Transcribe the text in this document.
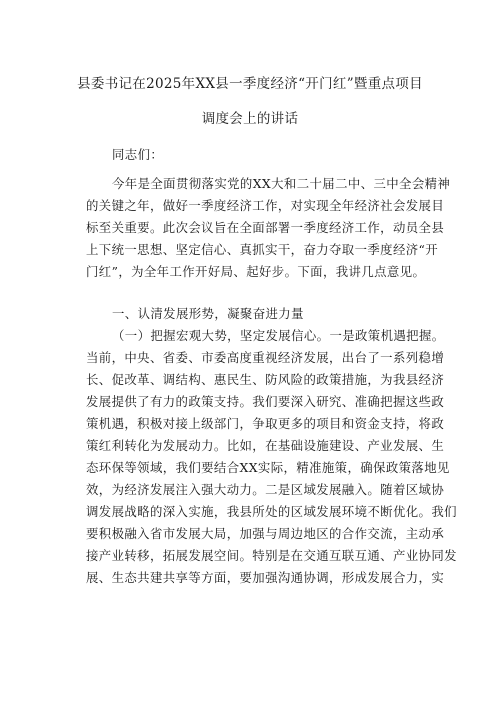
县委书记在2025年XX县一季度经济“开门红”暨重点项目
调度会上的讲话
同志们：
今年是全面贯彻落实党的XX大和二十届二中、三中全会精神
的关键之年，做好一季度经济工作，对实现全年经济社会发展目
标至关重要。此次会议旨在全面部署一季度经济工作，动员全县
上下统一思想、坚定信心、真抓实干，奋力夺取一季度经济“开
门红”，为全年工作开好局、起好步。下面，我讲几点意见。
一、认清发展形势，凝聚奋进力量
（一）把握宏观大势，坚定发展信心。一是政策机遇把握。
当前，中央、省委、市委高度重视经济发展，出台了一系列稳增
长、促改革、调结构、惠民生、防风险的政策措施，为我县经济
发展提供了有力的政策支持。我们要深入研究、准确把握这些政
策机遇，积极对接上级部门，争取更多的项目和资金支持，将政
策红利转化为发展动力。比如，在基础设施建设、产业发展、生
态环保等领域，我们要结合XX实际，精准施策，确保政策落地见
效，为经济发展注入强大动力。二是区域发展融入。随着区域协
调发展战略的深入实施，我县所处的区域发展环境不断优化。我们
要积极融入省市发展大局，加强与周边地区的合作交流，主动承
接产业转移，拓展发展空间。特别是在交通互联互通、产业协同发
展、生态共建共享等方面，要加强沟通协调，形成发展合力，实
